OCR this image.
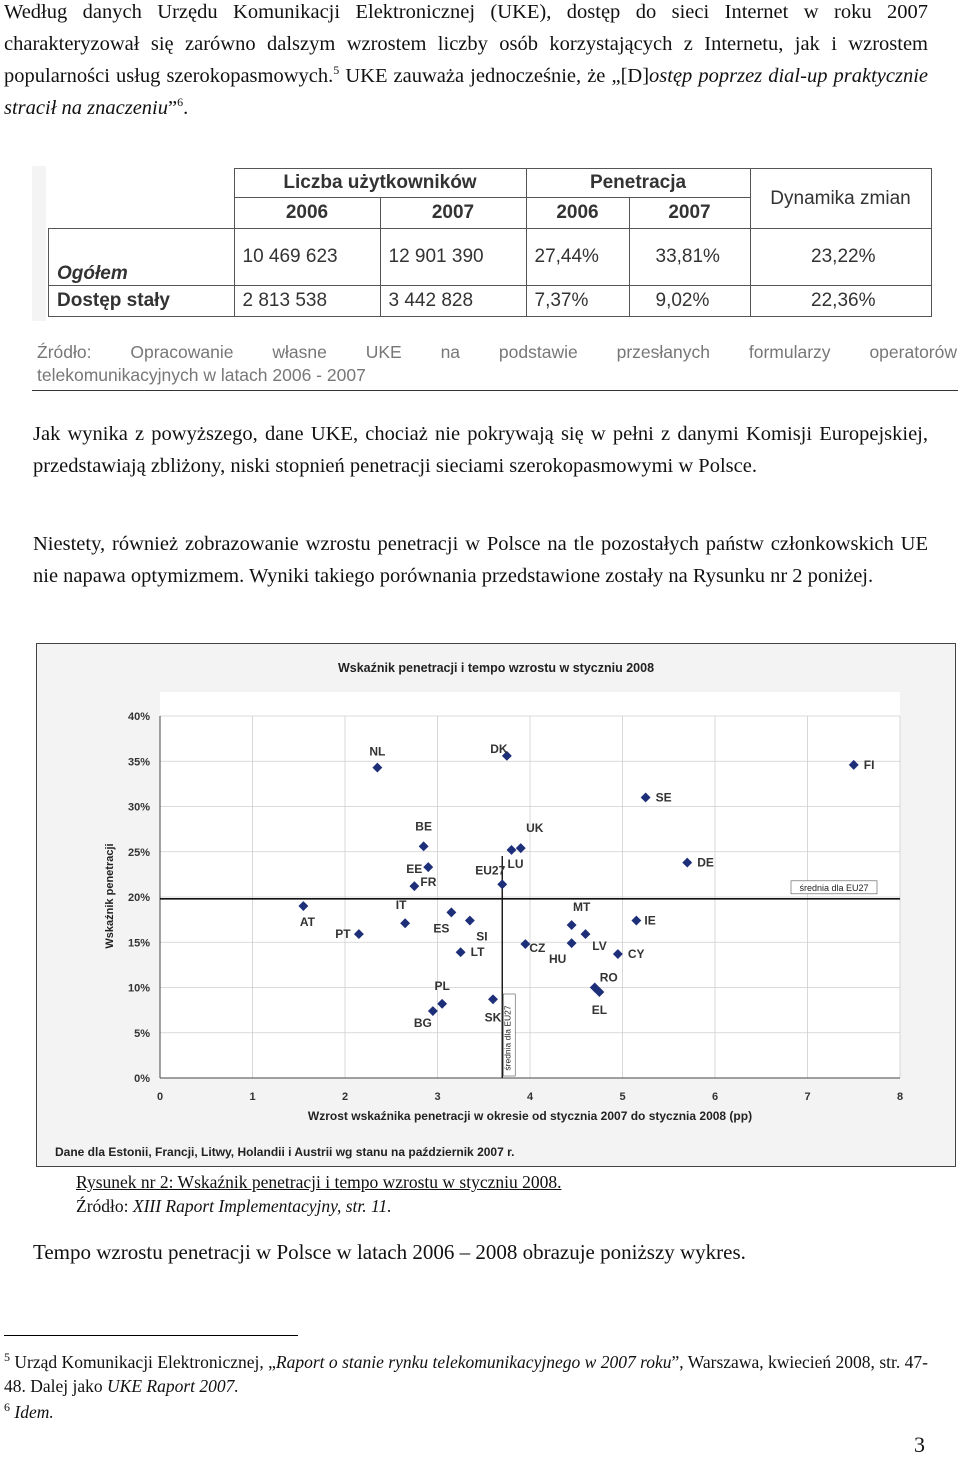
Według danych Urzędu Komunikacji Elektronicznej (UKE), dostęp do sieci Internet w roku 2007 charakteryzował się zarówno dalszym wzrostem liczby osób korzystających z Internetu, jak i wzrostem popularności usług szerokopasmowych.$^5$ UKE zauważa jednocześnie, że „[D]ostęp poprzez dial-up praktycznie stracił na znaczeniu”$^6$.

	Liczba użytkowników		Penetracja		Dynamika zmian
	2006	2007	2006	2007	
Ogółem	10 469 623	12 901 390	27,44%	33,81%	23,22%
Dostęp stały	2 813 538	3 442 828	7,37%	9,02%	22,36%
Źródło: Opracowanie własne UKE na podstawie przesłanych formularzy operatorów
telekomunikacyjnych w latach 2006 - 2007

Jak wynika z powyższego, dane UKE, chociaż nie pokrywają się w pełni z danymi Komisji Europejskiej, przedstawiają zbliżony, niski stopnień penetracji sieciami szerokopasmowymi w Polsce.

Niestety, również zobrazowanie wzrostu penetracji w Polsce na tle pozostałych państw członkowskich UE nie napawa optymizmem. Wyniki takiego porównania przedstawione zostały na Rysunku nr 2 poniżej.

Wskaźnik penetracji i tempo wzrostu w styczniu 2008
0%
5%
10%
15%
20%
25%
30%
35%
40%
0	1	2	3	4	5	6	7	8
średnia dla EU27
średnia dla EU27
NL	DK
FI
SE
BE	UK
LU
EE	DE
FR
EU27
AT
IT
ES
SI
PT
MT
IE
LV
CZ
HU	CY
LT
RO
EL
PL
BG	SK
Wskaźnik penetracji
Wzrost wskaźnika penetracji w okresie od stycznia 2007 do stycznia 2008 (pp)
Dane dla Estonii, Francji, Litwy, Holandii i Austrii wg stanu na październik 2007 r.
Rysunek nr 2: Wskaźnik penetracji i tempo wzrostu w styczniu 2008.
Źródło: XIII Raport Implementacyjny, str. 11.
Tempo wzrostu penetracji w Polsce w latach 2006 – 2008 obrazuje poniższy wykres.
$^5$ Urząd Komunikacji Elektronicznej, „Raport o stanie rynku telekomunikacyjnego w 2007 roku”, Warszawa, kwiecień 2008, str. 47-48. Dalej jako UKE Raport 2007.
$^6$ Idem.
3
